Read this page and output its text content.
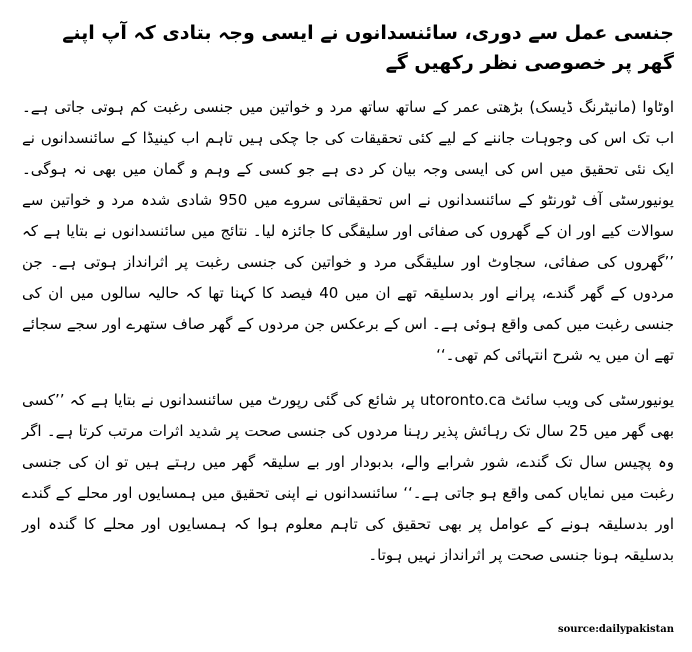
جنسی عمل سے دوری، سائنسدانوں نے ایسی وجہ بتادی کہ آپ اپنے گھر پر خصوصی نظر رکھیں گے

اوٹاوا (مانیٹرنگ ڈیسک) بڑھتی عمر کے ساتھ ساتھ مرد و خواتین میں جنسی رغبت کم ہوتی جاتی ہے۔ اب تک اس کی وجوہات جاننے کے لیے کئی تحقیقات کی جا چکی ہیں تاہم اب کینیڈا کے سائنسدانوں نے ایک نئی تحقیق میں اس کی ایسی وجہ بیان کر دی ہے جو کسی کے وہم و گمان میں بھی نہ ہوگی۔ یونیورسٹی آف ٹورنٹو کے سائنسدانوں نے اس تحقیقاتی سروے میں 950 شادی شدہ مرد و خواتین سے سوالات کیے اور ان کے گھروں کی صفائی اور سلیقگی کا جائزہ لیا۔ نتائج میں سائنسدانوں نے بتایا ہے کہ ’’گھروں کی صفائی، سجاوٹ اور سلیقگی مرد و خواتین کی جنسی رغبت پر اثرانداز ہوتی ہے۔ جن مردوں کے گھر گندے، پرانے اور بدسلیقہ تھے ان میں 40 فیصد کا کہنا تھا کہ حالیہ سالوں میں ان کی جنسی رغبت میں کمی واقع ہوئی ہے۔ اس کے برعکس جن مردوں کے گھر صاف ستھرے اور سجے سجائے تھے ان میں یہ شرح انتہائی کم تھی۔‘‘

یونیورسٹی کی ویب سائٹ utoronto.ca پر شائع کی گئی رپورٹ میں سائنسدانوں نے بتایا ہے کہ ’’کسی بھی گھر میں 25 سال تک رہائش پذیر رہنا مردوں کی جنسی صحت پر شدید اثرات مرتب کرتا ہے۔ اگر وہ پچیس سال تک گندے، شور شرابے والے، بدبودار اور بے سلیقہ گھر میں رہتے ہیں تو ان کی جنسی رغبت میں نمایاں کمی واقع ہو جاتی ہے۔‘‘ سائنسدانوں نے اپنی تحقیق میں ہمسایوں اور محلے کے گندے اور بدسلیقہ ہونے کے عوامل پر بھی تحقیق کی تاہم معلوم ہوا کہ ہمسایوں اور محلے کا گندہ اور بدسلیقہ ہونا جنسی صحت پر اثرانداز نہیں ہوتا۔

source:dailypakistan
